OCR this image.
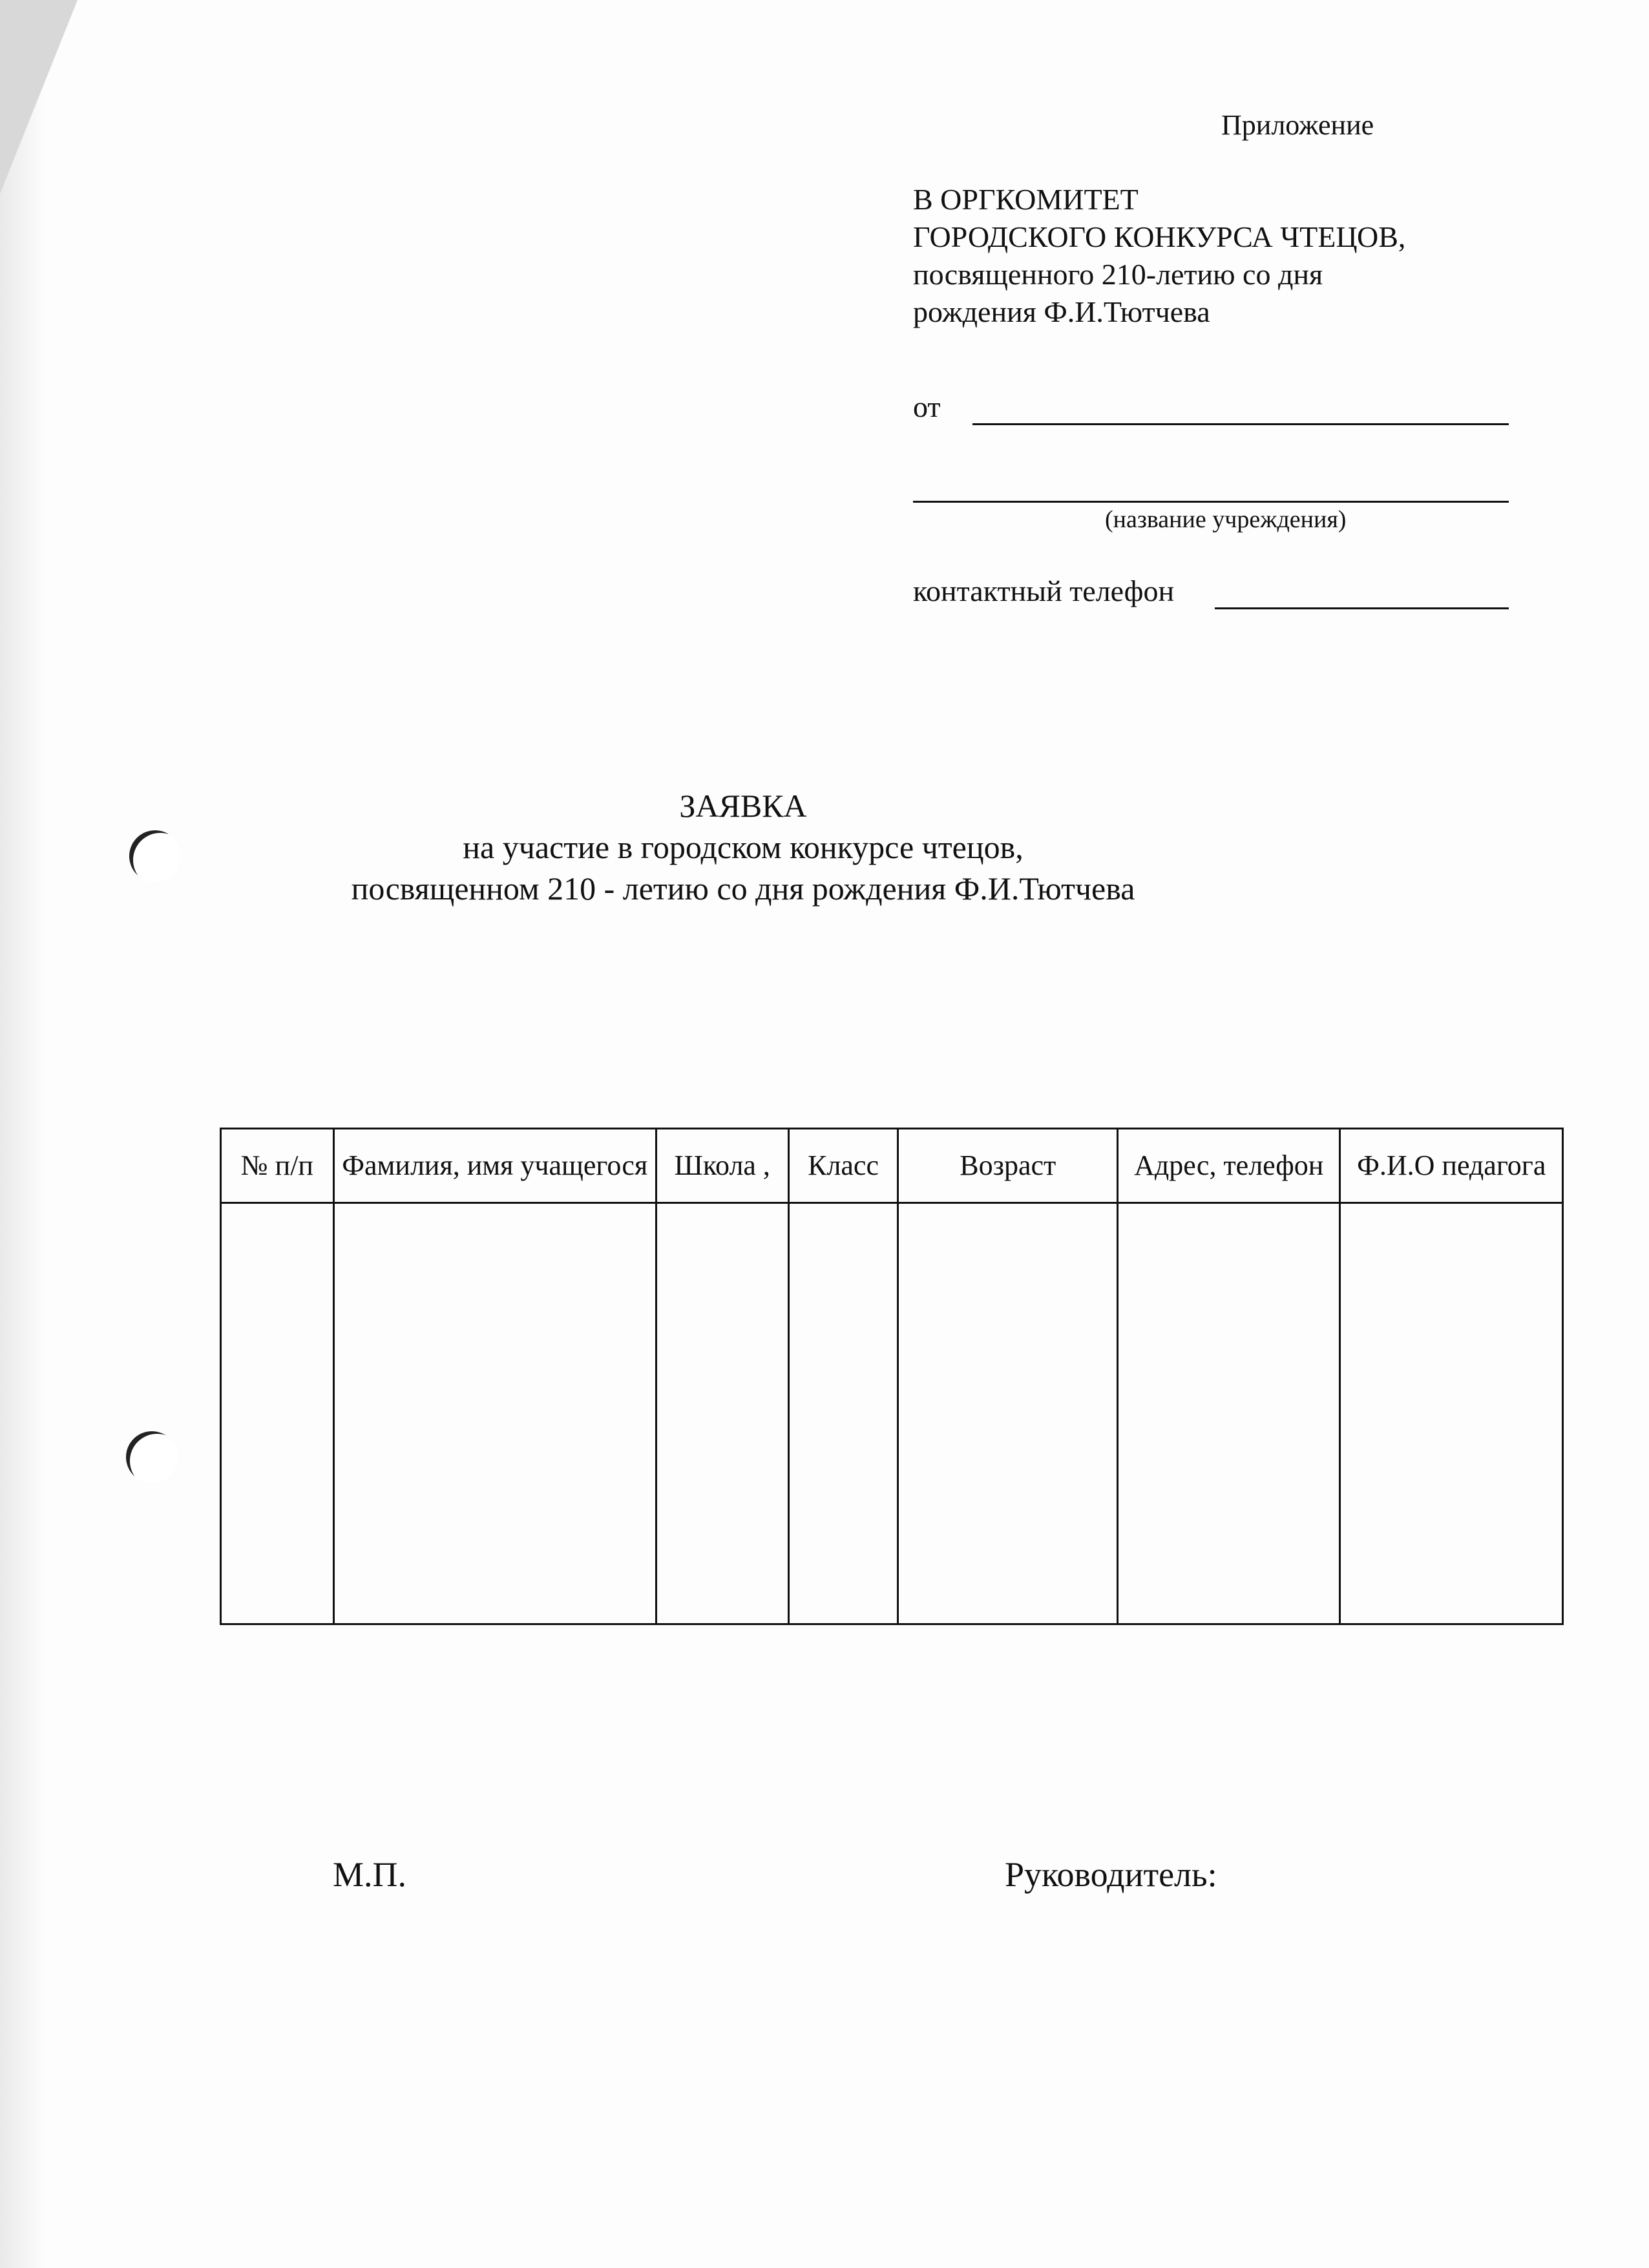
Приложение
В ОРГКОМИТЕТ
ГОРОДСКОГО КОНКУРСА ЧТЕЦОВ,
посвященного 210-летию со дня
рождения Ф.И.Тютчева
от
(название учреждения)
контактный телефон
ЗАЯВКА
на участие в городском конкурсе чтецов,
посвященном 210 - летию со дня рождения Ф.И.Тютчева
№ п/п	Фамилия, имя учащегося	Школа ,	Класс	Возраст	Адрес, телефон	Ф.И.О педагога

М.П.	Руководитель:
